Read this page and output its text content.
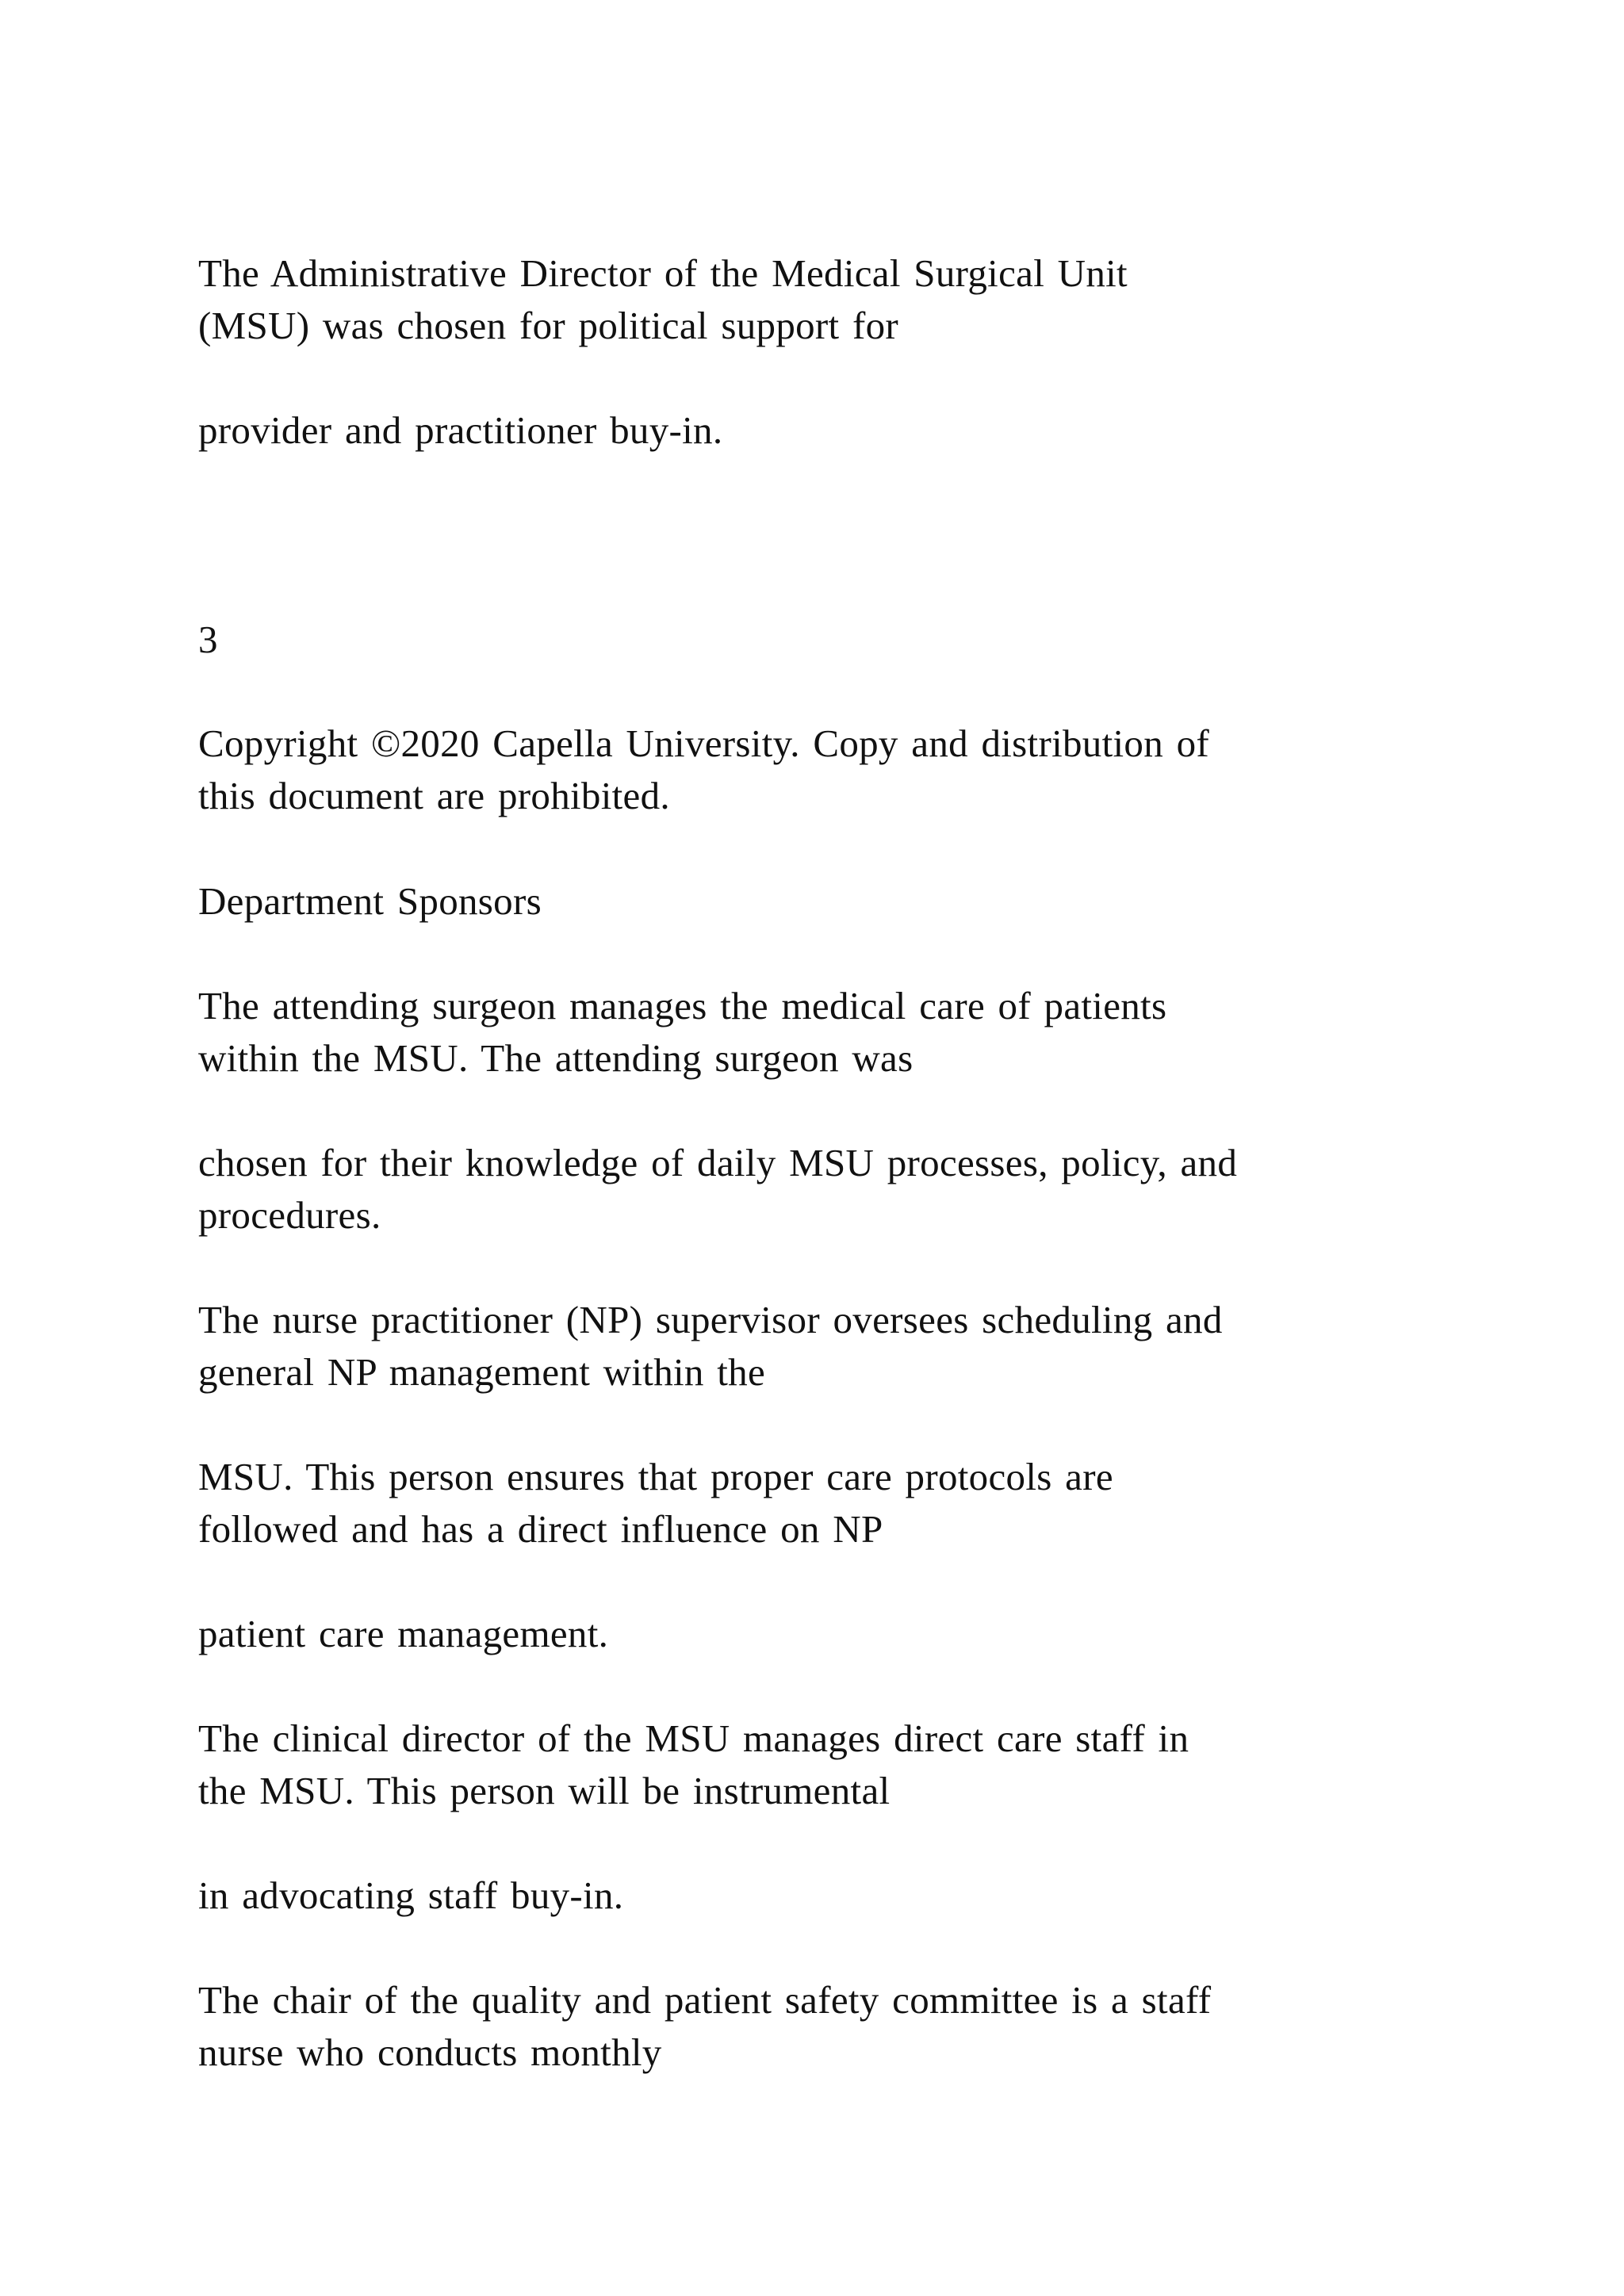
The Administrative Director of the Medical Surgical Unit
(MSU) was chosen for political support for
provider and practitioner buy-in.
3
Copyright ©2020 Capella University. Copy and distribution of
this document are prohibited.
Department Sponsors
The attending surgeon manages the medical care of patients
within the MSU. The attending surgeon was
chosen for their knowledge of daily MSU processes, policy, and
procedures.
The nurse practitioner (NP) supervisor oversees scheduling and
general NP management within the
MSU. This person ensures that proper care protocols are
followed and has a direct influence on NP
patient care management.
The clinical director of the MSU manages direct care staff in
the MSU. This person will be instrumental
in advocating staff buy-in.
The chair of the quality and patient safety committee is a staff
nurse who conducts monthly
